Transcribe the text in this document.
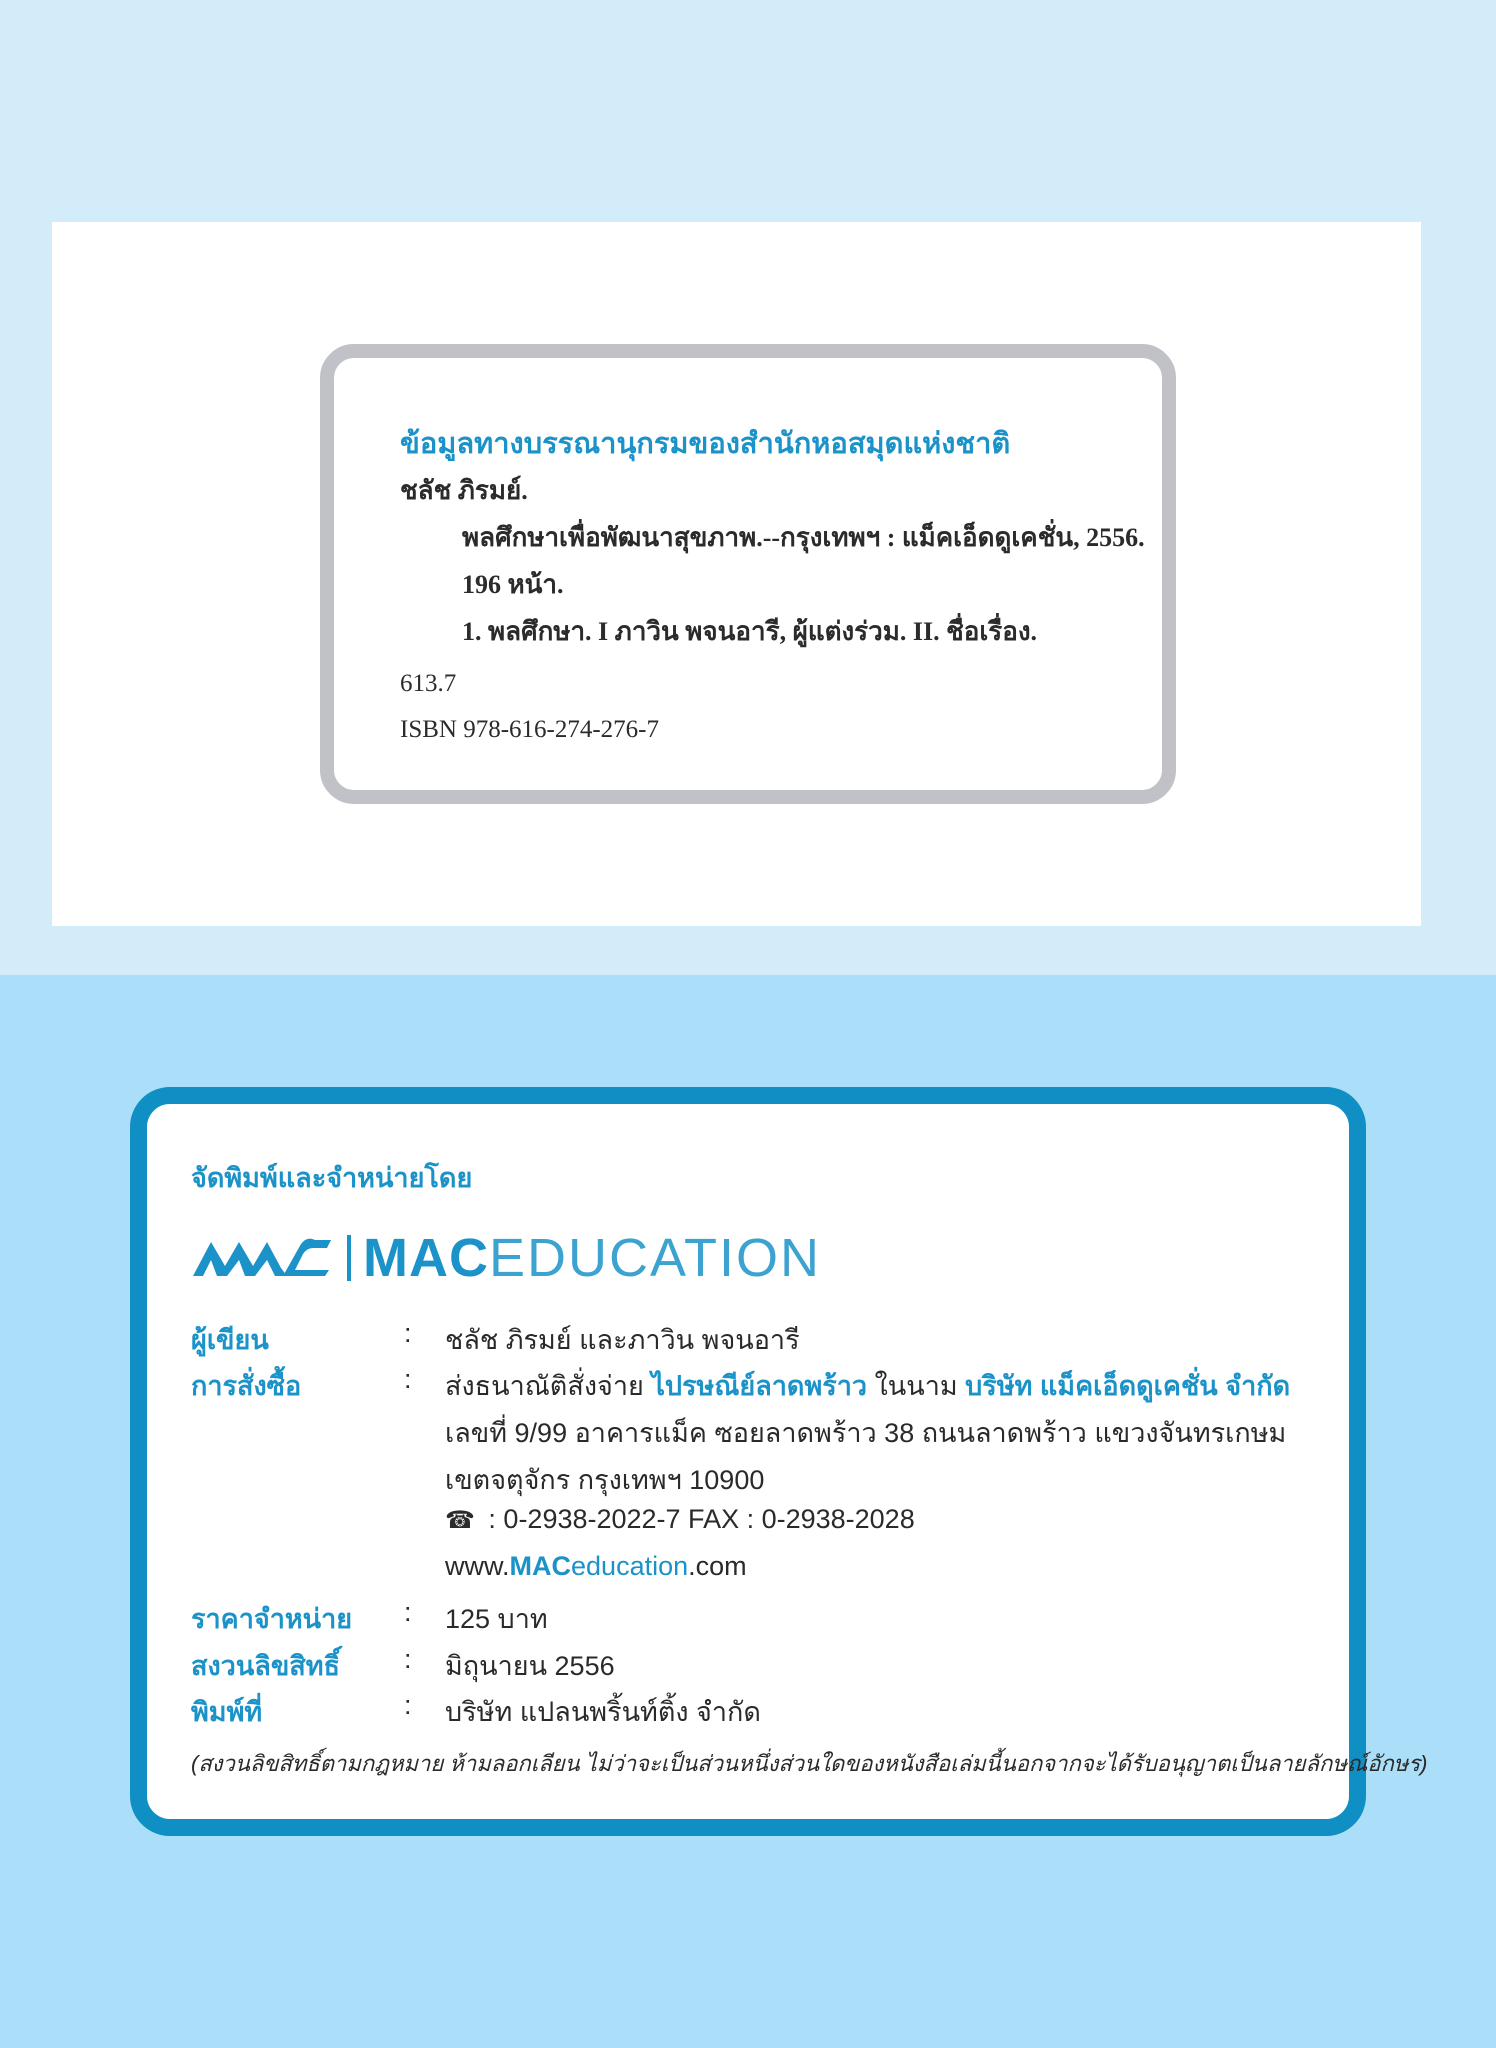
ข้อมูลทางบรรณานุกรมของสำนักหอสมุดแห่งชาติ
ชลัช ภิรมย์.
พลศึกษาเพื่อพัฒนาสุขภาพ.--กรุงเทพฯ : แม็คเอ็ดดูเคชั่น, 2556.
196 หน้า.
1. พลศึกษา. I ภาวิน พจนอารี, ผู้แต่งร่วม. II. ชื่อเรื่อง.
613.7
ISBN 978-616-274-276-7
จัดพิมพ์และจำหน่ายโดย
MAC EDUCATION
ผู้เขียน	: ชลัช ภิรมย์ และภาวิน พจนอารี
การสั่งซื้อ	: ส่งธนาณัติสั่งจ่าย ไปรษณีย์ลาดพร้าว ในนาม บริษัท แม็คเอ็ดดูเคชั่น จำกัด
เลขที่ 9/99 อาคารแม็ค ซอยลาดพร้าว 38 ถนนลาดพร้าว แขวงจันทรเกษม
เขตจตุจักร กรุงเทพฯ 10900
☎ : 0-2938-2022-7 FAX : 0-2938-2028
www.MACeducation.com
ราคาจำหน่าย : 125 บาท
สงวนลิขสิทธิ์ : มิถุนายน 2556
พิมพ์ที่	: บริษัท แปลนพริ้นท์ติ้ง จำกัด
(สงวนลิขสิทธิ์ตามกฎหมาย ห้ามลอกเลียน ไม่ว่าจะเป็นส่วนหนึ่งส่วนใดของหนังสือเล่มนี้นอกจากจะได้รับอนุญาตเป็นลายลักษณ์อักษร)
